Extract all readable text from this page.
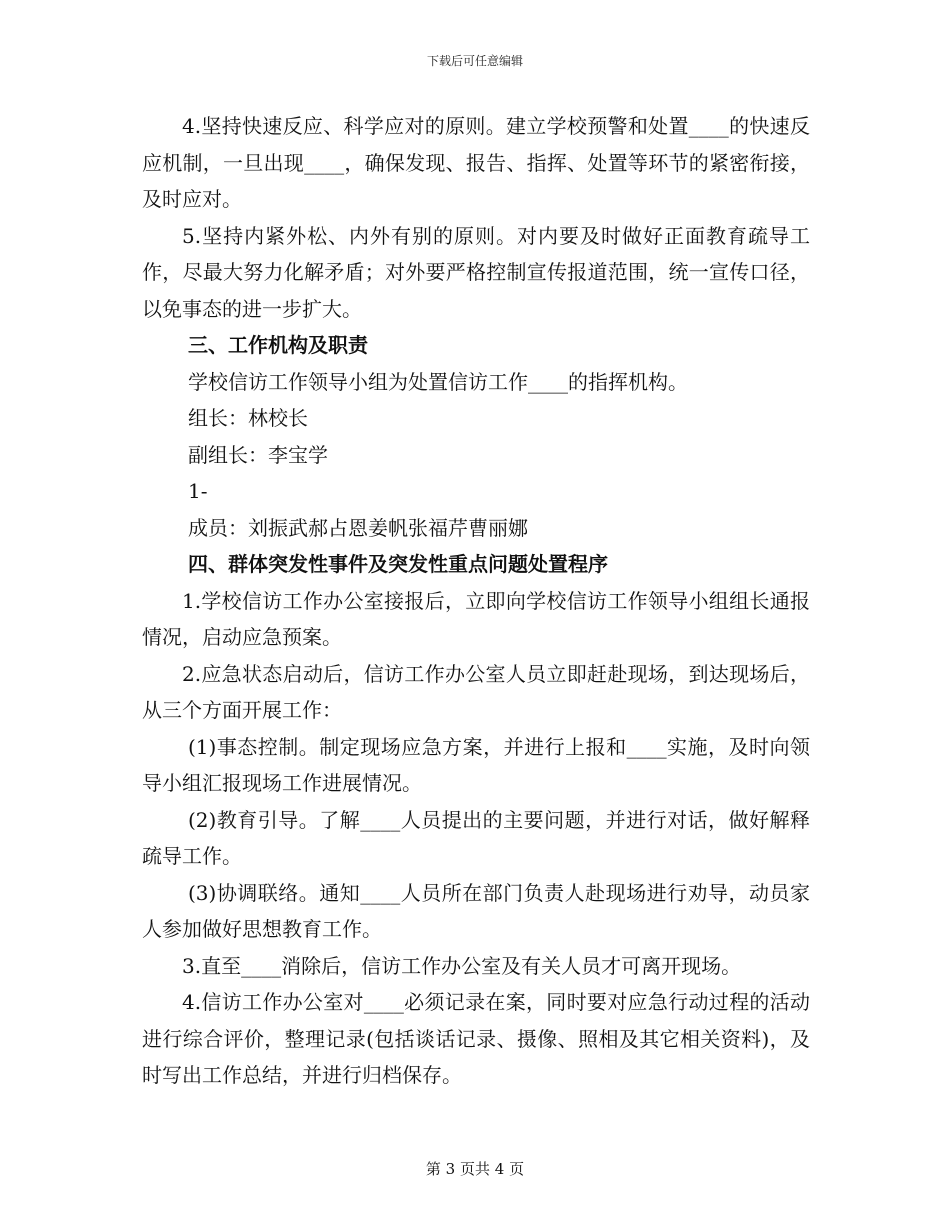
下载后可任意编辑

4.坚持快速反应、科学应对的原则。建立学校预警和处置____的快速反应机制，一旦出现____，确保发现、报告、指挥、处置等环节的紧密衔接，及时应对。

5.坚持内紧外松、内外有别的原则。对内要及时做好正面教育疏导工作，尽最大努力化解矛盾；对外要严格控制宣传报道范围，统一宣传口径，以免事态的进一步扩大。

三、工作机构及职责

学校信访工作领导小组为处置信访工作____的指挥机构。

组长：林校长

副组长：李宝学

1-

成员：刘振武郝占恩姜帆张福芹曹丽娜

四、群体突发性事件及突发性重点问题处置程序

1.学校信访工作办公室接报后，立即向学校信访工作领导小组组长通报情况，启动应急预案。

2.应急状态启动后，信访工作办公室人员立即赶赴现场，到达现场后，从三个方面开展工作：

(1)事态控制。制定现场应急方案，并进行上报和____实施，及时向领导小组汇报现场工作进展情况。

(2)教育引导。了解____人员提出的主要问题，并进行对话，做好解释疏导工作。

(3)协调联络。通知____人员所在部门负责人赴现场进行劝导，动员家人参加做好思想教育工作。

3.直至____消除后，信访工作办公室及有关人员才可离开现场。

4.信访工作办公室对____必须记录在案，同时要对应急行动过程的活动进行综合评价，整理记录(包括谈话记录、摄像、照相及其它相关资料)，及时写出工作总结，并进行归档保存。

第 3 页共 4 页
